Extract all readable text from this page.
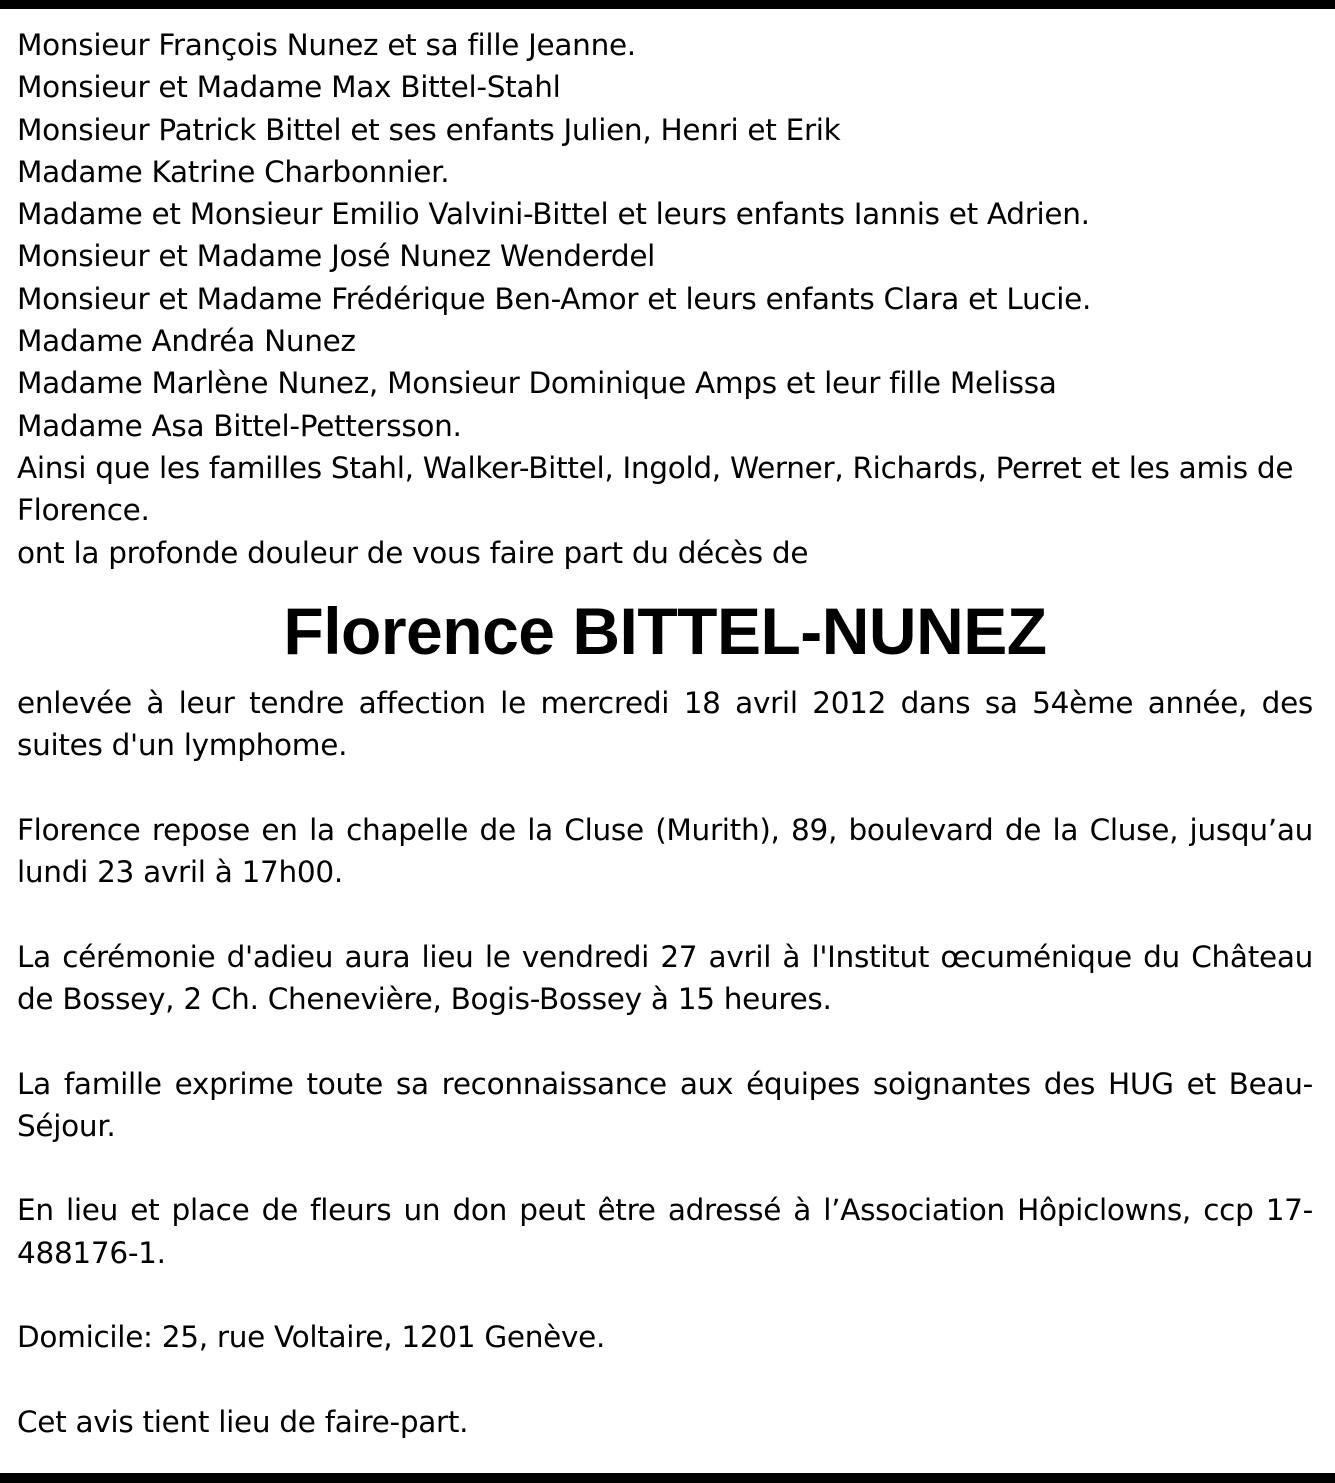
Monsieur François Nunez et sa fille Jeanne.
Monsieur et Madame Max Bittel-Stahl
Monsieur Patrick Bittel et ses enfants Julien, Henri et Erik
Madame Katrine Charbonnier.
Madame et Monsieur Emilio Valvini-Bittel et leurs enfants Iannis et Adrien.
Monsieur et Madame José Nunez Wenderdel
Monsieur et Madame Frédérique Ben-Amor et leurs enfants Clara et Lucie.
Madame Andréa Nunez
Madame Marlène Nunez, Monsieur Dominique Amps et leur fille Melissa
Madame Asa Bittel-Pettersson.
Ainsi que les familles Stahl, Walker-Bittel, Ingold, Werner, Richards, Perret et les amis de Florence.

ont la profonde douleur de vous faire part du décès de

Florence BITTEL-NUNEZ

enlevée à leur tendre affection le mercredi 18 avril 2012 dans sa 54ème année, des suites d'un lymphome.

Florence repose en la chapelle de la Cluse (Murith), 89, boulevard de la Cluse, jusqu’au lundi 23 avril à 17h00.

La cérémonie d'adieu aura lieu le vendredi 27 avril à l'Institut œcuménique du Château de Bossey, 2 Ch. Chenevière, Bogis-Bossey à 15 heures.

La famille exprime toute sa reconnaissance aux équipes soignantes des HUG et Beau-Séjour.

En lieu et place de fleurs un don peut être adressé à l’Association Hôpiclowns, ccp 17-488176-1.

Domicile: 25, rue Voltaire, 1201 Genève.

Cet avis tient lieu de faire-part.
